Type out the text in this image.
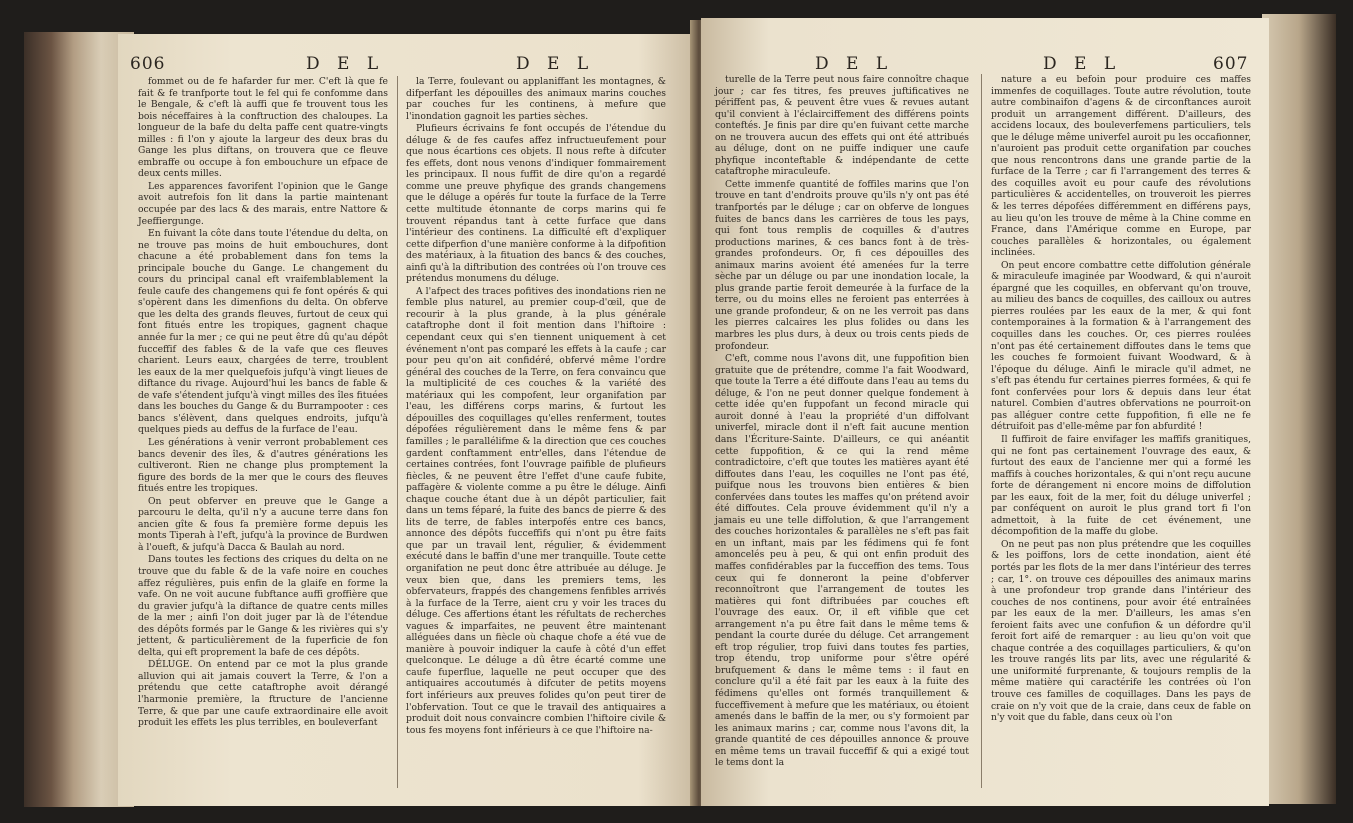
606	D E L	D E L

fommet ou de fe hafarder fur mer. C'eft là que fe fait & fe tranfporte tout le fel qui fe confomme dans le Bengale, & c'eft là auffi que fe trouvent tous les bois néceffaires à la conftruction des chaloupes. La longueur de la bafe du delta paffe cent quatre-vingts milles : fi l'on y ajoute la largeur des deux bras du Gange les plus diftans, on trouvera que ce fleuve embraffe ou occupe à fon embouchure un efpace de deux cents milles.

Les apparences favorifent l'opinion que le Gange avoit autrefois fon lit dans la partie maintenant occupée par des lacs & des marais, entre Nattore & Jeeffiergunge.

En fuivant la côte dans toute l'étendue du delta, on ne trouve pas moins de huit embouchures, dont chacune a été probablement dans fon tems la principale bouche du Gange. Le changement du cours du principal canal eft vraifemblablement la feule caufe des changemens qui fe font opérés & qui s'opèrent dans les dimenfions du delta. On obferve que les delta des grands fleuves, furtout de ceux qui font fitués entre les tropiques, gagnent chaque année fur la mer ; ce qui ne peut être dû qu'au dépôt fucceffif des fables & de la vafe que ces fleuves charient. Leurs eaux, chargées de terre, troublent les eaux de la mer quelquefois jufqu'à vingt lieues de diftance du rivage. Aujourd'hui les bancs de fable & de vafe s'étendent jufqu'à vingt milles des îles fituées dans les bouches du Gange & du Burrampooter : ces bancs s'élèvent, dans quelques endroits, jufqu'à quelques pieds au deffus de la furface de l'eau.

Les générations à venir verront probablement ces bancs devenir des îles, & d'autres générations les cultiveront. Rien ne change plus promptement la figure des bords de la mer que le cours des fleuves fitués entre les tropiques.

On peut obferver en preuve que le Gange a parcouru le delta, qu'il n'y a aucune terre dans fon ancien gîte & fous fa première forme depuis les monts Tiperah à l'eft, jufqu'à la province de Burdwen à l'oueft, & jufqu'à Dacca & Baulah au nord.

Dans toutes les fections des criques du delta on ne trouve que du fable & de la vafe noire en couches affez régulières, puis enfin de la glaife en forme la vafe. On ne voit aucune fubftance auffi groffière que du gravier jufqu'à la diftance de quatre cents milles de la mer ; ainfi l'on doit juger par là de l'étendue des dépôts formés par le Gange & les rivières qui s'y jettent, & particulièrement de la fuperficie de fon delta, qui eft proprement la bafe de ces dépôts.

DÉLUGE. On entend par ce mot la plus grande alluvion qui ait jamais couvert la Terre, & l'on a prétendu que cette cataftrophe avoit dérangé l'harmonie première, la ftructure de l'ancienne Terre, & que par une caufe extraordinaire elle avoit produit les effets les plus terribles, en bouleverfant

la Terre, foulevant ou applaniffant les montagnes, & difperfant les dépouilles des animaux marins couches par couches fur les continens, à mefure que l'inondation gagnoit les parties sèches.

Plufieurs écrivains fe font occupés de l'étendue du déluge & de fes caufes affez infructueufement pour que nous écartions ces objets. Il nous refte à difcuter fes effets, dont nous venons d'indiquer fommairement les principaux. Il nous fuffit de dire qu'on a regardé comme une preuve phyfique des grands changemens que le déluge a opérés fur toute la furface de la Terre cette multitude étonnante de corps marins qui fe trouvent répandus tant à cette furface que dans l'intérieur des continens. La difficulté eft d'expliquer cette difperfion d'une manière conforme à la difpofition des matériaux, à la fituation des bancs & des couches, ainfi qu'à la diftribution des contrées où l'on trouve ces prétendus monumens du déluge.

A l'afpect des traces pofitives des inondations rien ne femble plus naturel, au premier coup-d'œil, que de recourir à la plus grande, à la plus générale cataftrophe dont il foit mention dans l'hiftoire : cependant ceux qui s'en tiennent uniquement à cet événement n'ont pas comparé les effets à la caufe ; car pour peu qu'on ait confidéré, obfervé même l'ordre général des couches de la Terre, on fera convaincu que la multiplicité de ces couches & la variété des matériaux qui les compofent, leur organifation par l'eau, les différens corps marins, & furtout les dépouilles des coquillages qu'elles renferment, toutes dépofées régulièrement dans le même fens & par familles ; le parallélifme & la direction que ces couches gardent conftamment entr'elles, dans l'étendue de certaines contrées, font l'ouvrage paifible de plufieurs fiècles, & ne peuvent être l'effet d'une caufe fubite, paffagère & violente comme a pu être le déluge. Ainfi chaque couche étant due à un dépôt particulier, fait dans un tems féparé, la fuite des bancs de pierre & des lits de terre, de fables interpofés entre ces bancs, annonce des dépôts fucceffifs qui n'ont pu être faits que par un travail lent, régulier, & évidemment exécuté dans le baffin d'une mer tranquille. Toute cette organifation ne peut donc être attribuée au déluge. Je veux bien que, dans les premiers tems, les obfervateurs, frappés des changemens fenfibles arrivés à la furface de la Terre, aient cru y voir les traces du déluge. Ces affertions étant les réfultats de recherches vagues & imparfaites, ne peuvent être maintenant alléguées dans un fiècle où chaque chofe a été vue de manière à pouvoir indiquer la caufe à côté d'un effet quelconque. Le déluge a dû être écarté comme une caufe fuperflue, laquelle ne peut occuper que des antiquaires accoutumés à difcuter de petits moyens fort inférieurs aux preuves folides qu'on peut tirer de l'obfervation. Tout ce que le travail des antiquaires a produit doit nous convaincre combien l'hiftoire civile & tous fes moyens font inférieurs à ce que l'hiftoire na-

D E L	D E L	607

turelle de la Terre peut nous faire connoître chaque jour ; car fes titres, fes preuves juftificatives ne périffent pas, & peuvent être vues & revues autant qu'il convient à l'éclairciffement des différens points conteftés. Je finis par dire qu'en fuivant cette marche on ne trouvera aucun des effets qui ont été attribués au déluge, dont on ne puiffe indiquer une caufe phyfique inconteftable & indépendante de cette cataftrophe miraculeufe.

Cette immenfe quantité de foffiles marins que l'on trouve en tant d'endroits prouve qu'ils n'y ont pas été tranfportés par le déluge ; car on obferve de longues fuites de bancs dans les carrières de tous les pays, qui font tous remplis de coquilles & d'autres productions marines, & ces bancs font à de très-grandes profondeurs. Or, fi ces dépouilles des animaux marins avoient été amenées fur la terre sèche par un déluge ou par une inondation locale, la plus grande partie feroit demeurée à la furface de la terre, ou du moins elles ne feroient pas enterrées à une grande profondeur, & on ne les verroit pas dans les pierres calcaires les plus folides ou dans les marbres les plus durs, à deux ou trois cents pieds de profondeur.

C'eft, comme nous l'avons dit, une fuppofition bien gratuite que de prétendre, comme l'a fait Woodward, que toute la Terre a été diffoute dans l'eau au tems du déluge, & l'on ne peut donner quelque fondement à cette idée qu'en fuppofant un fecond miracle qui auroit donné à l'eau la propriété d'un diffolvant univerfel, miracle dont il n'eft fait aucune mention dans l'Écriture-Sainte. D'ailleurs, ce qui anéantit cette fuppofition, & ce qui la rend même contradictoire, c'eft que toutes les matières ayant été diffoutes dans l'eau, les coquilles ne l'ont pas été, puifque nous les trouvons bien entières & bien confervées dans toutes les maffes qu'on prétend avoir été diffoutes. Cela prouve évidemment qu'il n'y a jamais eu une telle diffolution, & que l'arrangement des couches horizontales & parallèles ne s'eft pas fait en un inftant, mais par les fédimens qui fe font amoncelés peu à peu, & qui ont enfin produit des maffes confidérables par la fucceffion des tems. Tous ceux qui fe donneront la peine d'obferver reconnoîtront que l'arrangement de toutes les matières qui font diftribuées par couches eft l'ouvrage des eaux. Or, il eft vifible que cet arrangement n'a pu être fait dans le même tems & pendant la courte durée du déluge. Cet arrangement eft trop régulier, trop fuivi dans toutes fes parties, trop étendu, trop uniforme pour s'être opéré brufquement & dans le même tems : il faut en conclure qu'il a été fait par les eaux à la fuite des fédimens qu'elles ont formés tranquillement & fucceffivement à mefure que les matériaux, ou étoient amenés dans le baffin de la mer, ou s'y formoient par les animaux marins ; car, comme nous l'avons dit, la grande quantité de ces dépouilles annonce & prouve en même tems un travail fucceffif & qui a exigé tout le tems dont la

nature a eu befoin pour produire ces maffes immenfes de coquillages. Toute autre révolution, toute autre combinaifon d'agens & de circonftances auroit produit un arrangement différent. D'ailleurs, des accidens locaux, des bouleverfemens particuliers, tels que le déluge même univerfel auroit pu les occafionner, n'auroient pas produit cette organifation par couches que nous rencontrons dans une grande partie de la furface de la Terre ; car fi l'arrangement des terres & des coquilles avoit eu pour caufe des révolutions particulières & accidentelles, on trouveroit les pierres & les terres dépofées différemment en différens pays, au lieu qu'on les trouve de même à la Chine comme en France, dans l'Amérique comme en Europe, par couches parallèles & horizontales, ou également inclinées.

On peut encore combattre cette diffolution générale & miraculeufe imaginée par Woodward, & qui n'auroit épargné que les coquilles, en obfervant qu'on trouve, au milieu des bancs de coquilles, des cailloux ou autres pierres roulées par les eaux de la mer, & qui font contemporaines à la formation & à l'arrangement des coquilles dans les couches. Or, ces pierres roulées n'ont pas été certainement diffoutes dans le tems que les couches fe formoient fuivant Woodward, & à l'époque du déluge. Ainfi le miracle qu'il admet, ne s'eft pas étendu fur certaines pierres formées, & qui fe font confervées pour lors & depuis dans leur état naturel. Combien d'autres obfervations ne pourroit-on pas alléguer contre cette fuppofition, fi elle ne fe détruifoit pas d'elle-même par fon abfurdité !

Il fuffiroit de faire envifager les maffifs granitiques, qui ne font pas certainement l'ouvrage des eaux, & furtout des eaux de l'ancienne mer qui a formé les maffifs à couches horizontales, & qui n'ont reçu aucune forte de dérangement ni encore moins de diffolution par les eaux, foit de la mer, foit du déluge univerfel ; par conféquent on auroit le plus grand tort fi l'on admettoit, à la fuite de cet événement, une décompofition de la maffe du globe.

On ne peut pas non plus prétendre que les coquilles & les poiffons, lors de cette inondation, aient été portés par les flots de la mer dans l'intérieur des terres ; car, 1°. on trouve ces dépouilles des animaux marins à une profondeur trop grande dans l'intérieur des couches de nos continens, pour avoir été entraînées par les eaux de la mer. D'ailleurs, les amas s'en feroient faits avec une confufion & un défordre qu'il feroit fort aifé de remarquer : au lieu qu'on voit que chaque contrée a des coquillages particuliers, & qu'on les trouve rangés lits par lits, avec une régularité & une uniformité furprenante, & toujours remplis de la même matière qui caractérife les contrées où l'on trouve ces familles de coquillages. Dans les pays de craie on n'y voit que de la craie, dans ceux de fable on n'y voit que du fable, dans ceux où l'on
